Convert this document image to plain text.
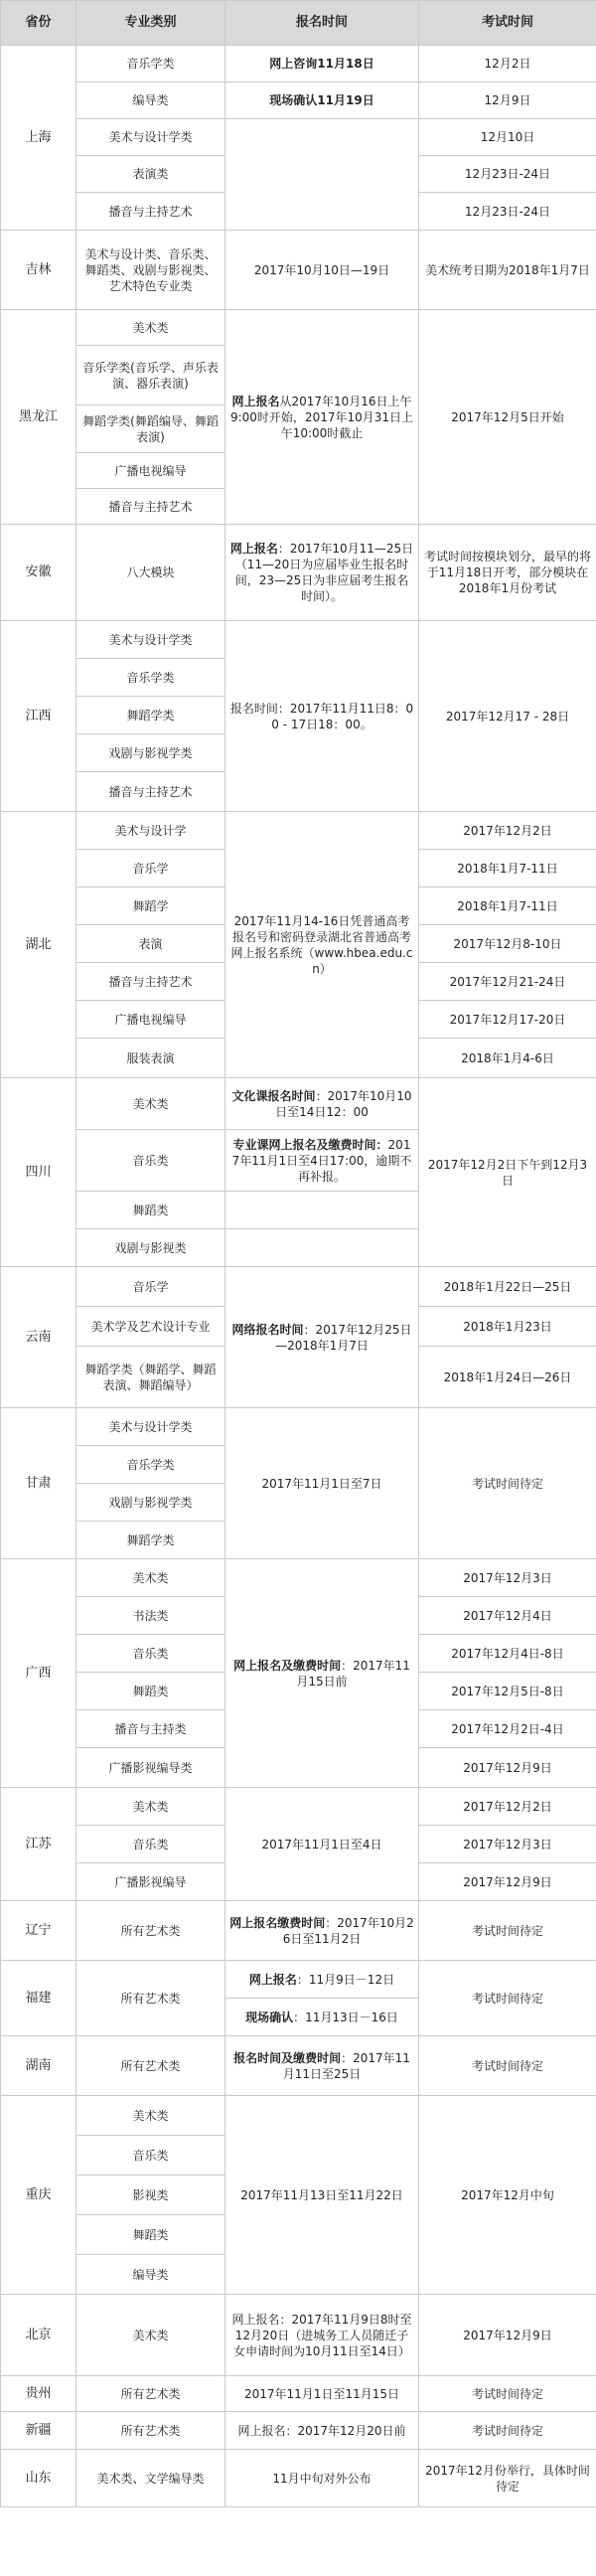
省份	专业类别	报名时间	考试时间
上海	音乐学类	网上咨询11月18日	12月2日
	编导类	现场确认11月19日	12月9日
	美术与设计学类		12月10日
	表演类		12月23日-24日
	播音与主持艺术		12月23日-24日
吉林	美术与设计类、音乐类、舞蹈类、戏剧与影视类、艺术特色专业类	2017年10月10日—19日	美术统考日期为2018年1月7日
黑龙江	美术类	网上报名从2017年10月16日上午9:00时开始，2017年10月31日上午10:00时截止	2017年12月5日开始
	音乐学类(音乐学、声乐表演、器乐表演)		
	舞蹈学类(舞蹈编导、舞蹈表演)		
	广播电视编导		
	播音与主持艺术		
安徽	八大模块	网上报名：2017年10月11—25日（11—20日为应届毕业生报名时间，23—25日为非应届考生报名时间）。	考试时间按模块划分，最早的将于11月18日开考，部分模块在2018年1月份考试
江西	美术与设计学类	报名时间：2017年11月11日8：00 - 17日18：00。	2017年12月17 - 28日
	音乐学类		
	舞蹈学类		
	戏剧与影视学类		
	播音与主持艺术		
湖北	美术与设计学	2017年11月14-16日凭普通高考报名号和密码登录湖北省普通高考网上报名系统（www.hbea.edu.cn）	2017年12月2日
	音乐学		2018年1月7-11日
	舞蹈学		2018年1月7-11日
	表演		2017年12月8-10日
	播音与主持艺术		2017年12月21-24日
	广播电视编导		2017年12月17-20日
	服装表演		2018年1月4-6日
四川	美术类	文化课报名时间：2017年10月10日至14日12：00	2017年12月2日下午到12月3日
	音乐类	专业课网上报名及缴费时间：2017年11月1日至4日17:00，逾期不再补报。	
	舞蹈类		
	戏剧与影视类		
云南	音乐学	网络报名时间：2017年12月25日—2018年1月7日	2018年1月22日—25日
	美术学及艺术设计专业		2018年1月23日
	舞蹈学类（舞蹈学、舞蹈表演、舞蹈编导）		2018年1月24日—26日
甘肃	美术与设计学类	2017年11月1日至7日	考试时间待定
	音乐学类		
	戏剧与影视学类		
	舞蹈学类		
广西	美术类	网上报名及缴费时间：2017年11月15日前	2017年12月3日
	书法类		2017年12月4日
	音乐类		2017年12月4日-8日
	舞蹈类		2017年12月5日-8日
	播音与主持类		2017年12月2日-4日
	广播影视编导类		2017年12月9日
江苏	美术类	2017年11月1日至4日	2017年12月2日
	音乐类		2017年12月3日
	广播影视编导		2017年12月9日
辽宁	所有艺术类	网上报名缴费时间：2017年10月26日至11月2日	考试时间待定
福建	所有艺术类	网上报名：11月9日－12日	考试时间待定
		现场确认：11月13日－16日	
湖南	所有艺术类	报名时间及缴费时间：2017年11月11日至25日	考试时间待定
重庆	美术类	2017年11月13日至11月22日	2017年12月中旬
	音乐类		
	影视类		
	舞蹈类		
	编导类		
北京	美术类	网上报名：2017年11月9日8时至12月20日（进城务工人员随迁子女申请时间为10月11日至14日）	2017年12月9日
贵州	所有艺术类	2017年11月1日至11月15日	考试时间待定
新疆	所有艺术类	网上报名：2017年12月20日前	考试时间待定
山东	美术类、文学编导类	11月中旬对外公布	2017年12月份举行，具体时间待定
